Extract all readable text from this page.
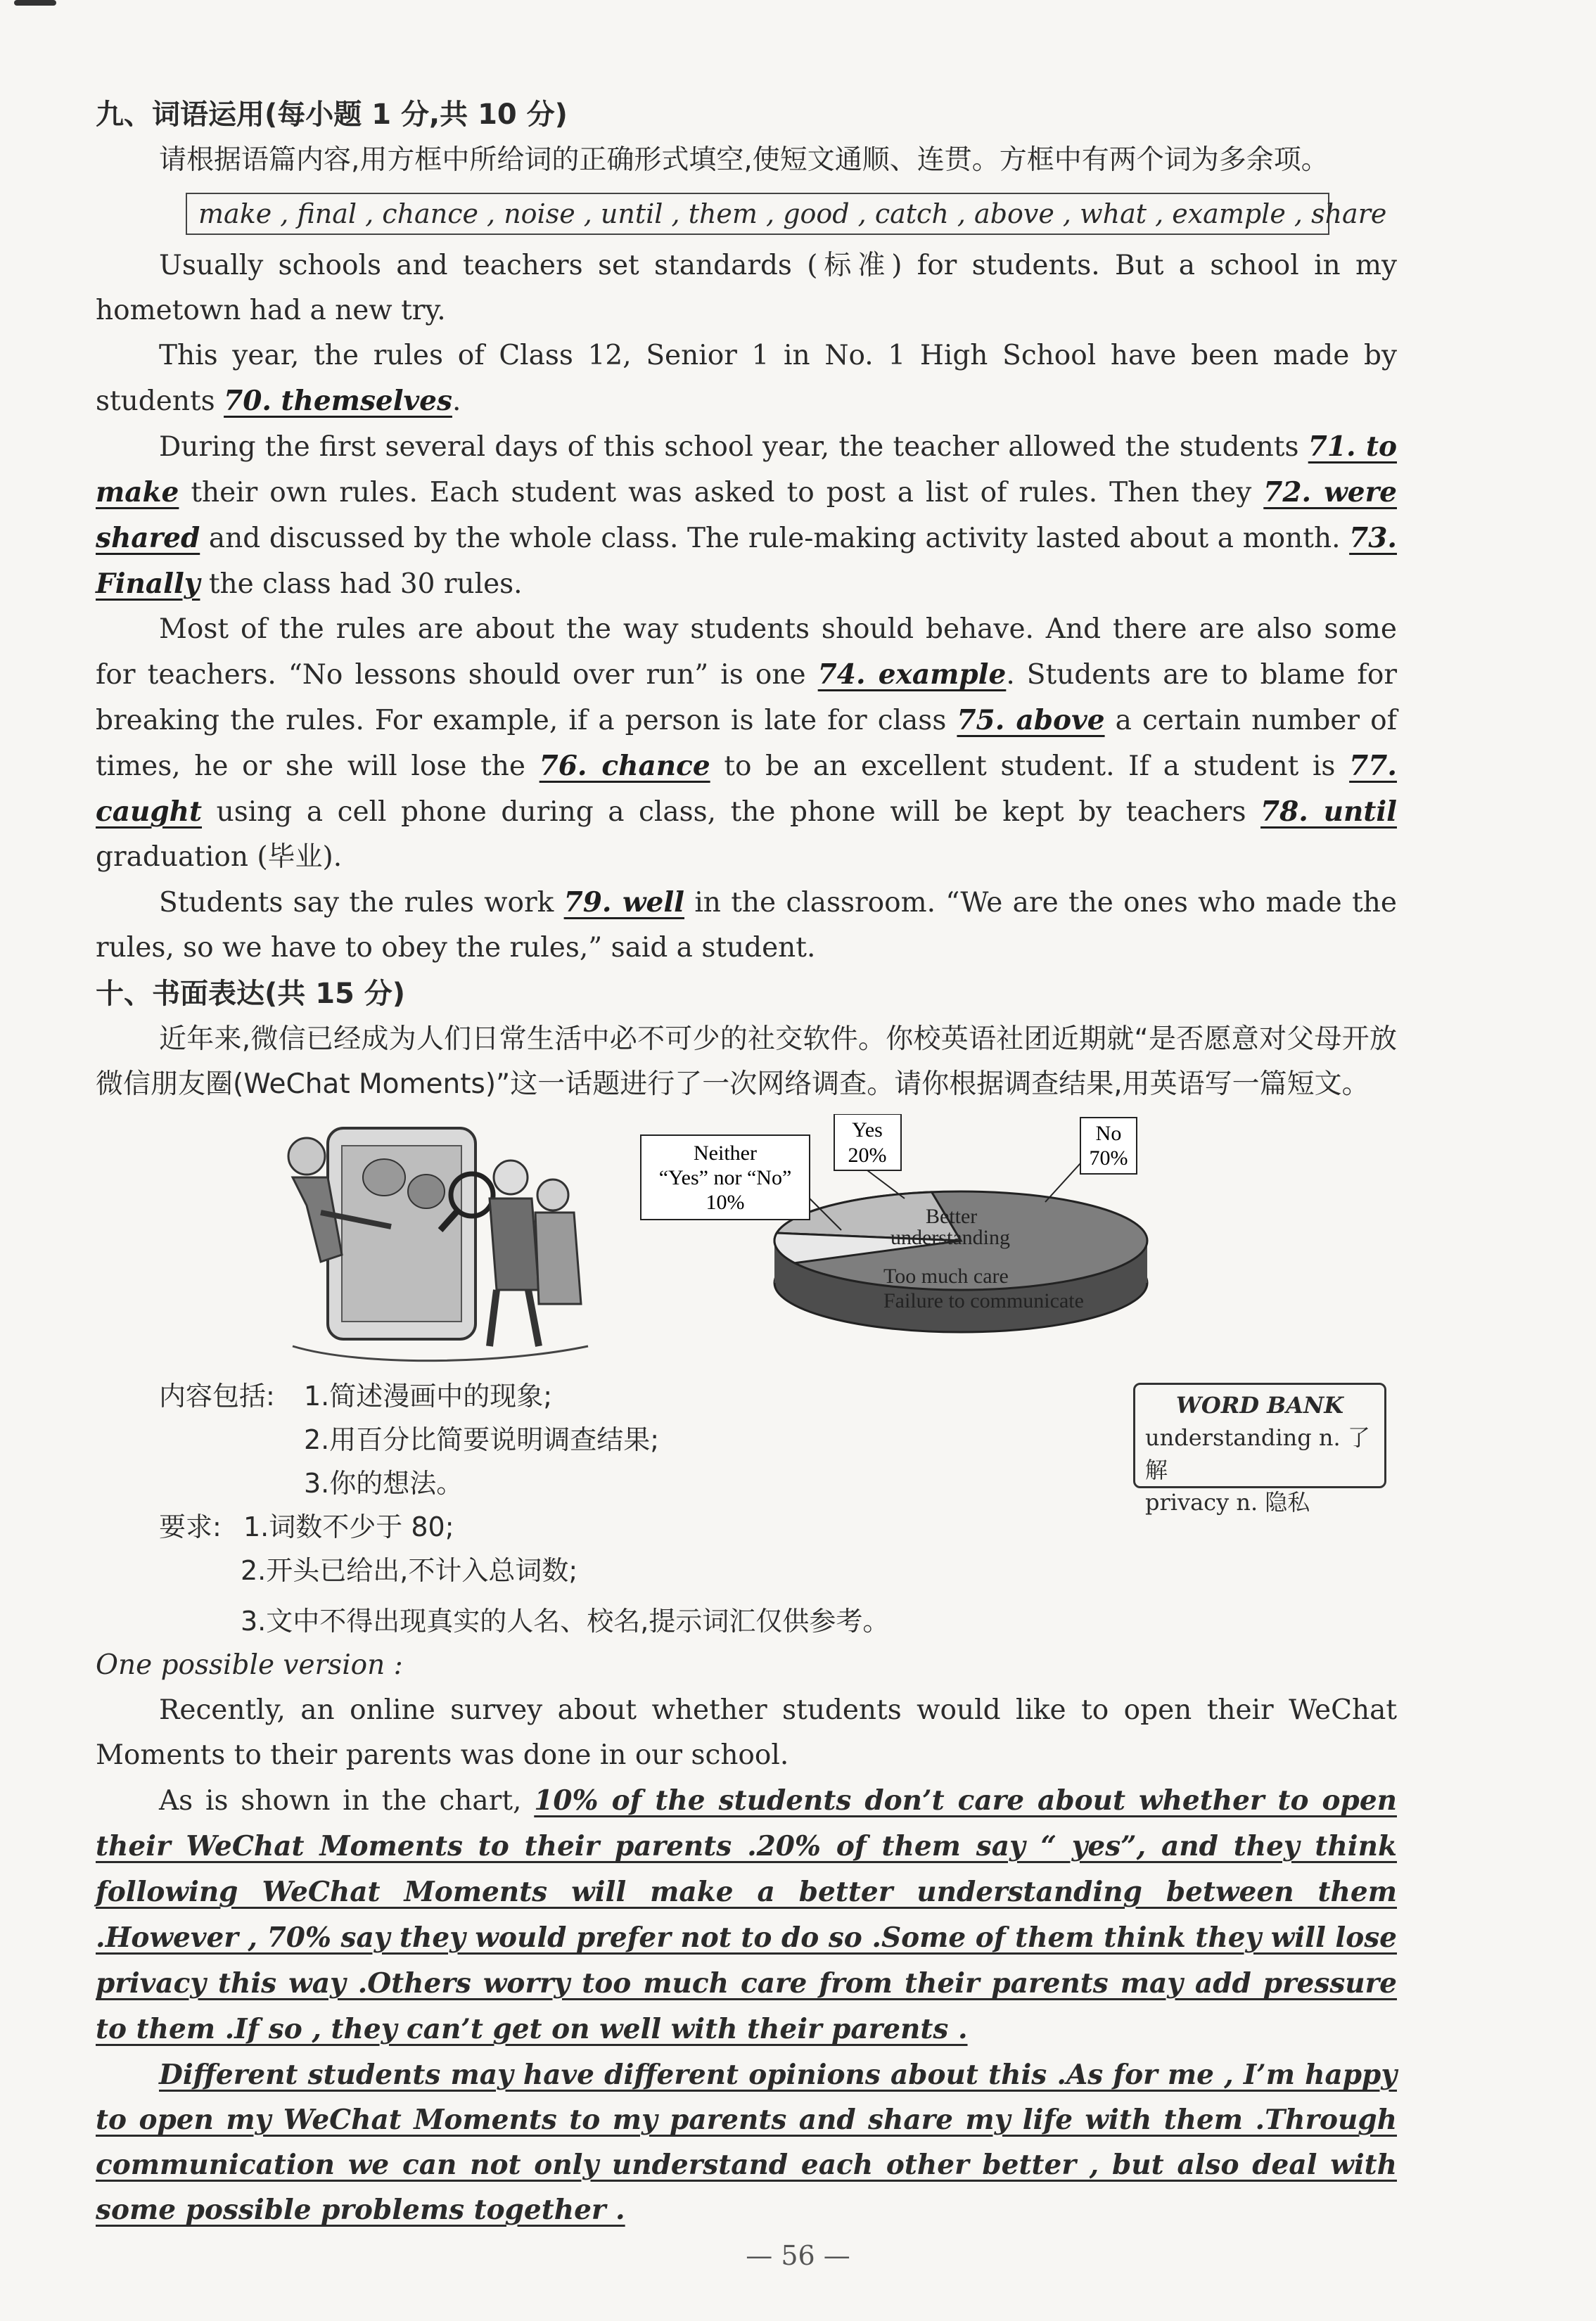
九、词语运用(每小题 1 分,共 10 分)

请根据语篇内容,用方框中所给词的正确形式填空,使短文通顺、连贯。方框中有两个词为多余项。

make , final , chance , noise , until , them , good , catch , above , what , example , share

Usually schools and teachers set standards (标准) for students. But a school in my hometown had a new try.

This year, the rules of Class 12, Senior 1 in No. 1 High School have been made by students 70. themselves.

During the first several days of this school year, the teacher allowed the students 71. to make their own rules. Each student was asked to post a list of rules. Then they 72. were shared and discussed by the whole class. The rule-making activity lasted about a month. 73. Finally the class had 30 rules.

Most of the rules are about the way students should behave. And there are also some for teachers. “No lessons should over run” is one 74. example. Students are to blame for breaking the rules. For example, if a person is late for class 75. above a certain number of times, he or she will lose the 76. chance to be an excellent student. If a student is 77. caught using a cell phone during a class, the phone will be kept by teachers 78. until graduation (毕业).

Students say the rules work 79. well in the classroom. “We are the ones who made the rules, so we have to obey the rules,” said a student.

十、书面表达(共 15 分)

近年来,微信已经成为人们日常生活中必不可少的社交软件。你校英语社团近期就“是否愿意对父母开放微信朋友圈(WeChat Moments)”这一话题进行了一次网络调查。请你根据调查结果,用英语写一篇短文。

Better
understanding
Too much care
Failure to communicate
Neither
“Yes” nor “No”
10%
Yes
20%
No
70%
内容包括: 1.简述漫画中的现象;
2.用百分比简要说明调查结果;
3.你的想法。
要求: 1.词数不少于 80;
2.开头已给出,不计入总词数;
WORD BANK
understanding n. 了解
privacy n. 隐私
3.文中不得出现真实的人名、校名,提示词汇仅供参考。

One possible version :

Recently, an online survey about whether students would like to open their WeChat Moments to their parents was done in our school.

As is shown in the chart, 10% of the students don’t care about whether to open their WeChat Moments to their parents .20% of them say “ yes”, and they think following WeChat Moments will make a better understanding between them .However , 70% say they would prefer not to do so .Some of them think they will lose privacy this way .Others worry too much care from their parents may add pressure to them .If so , they can’t get on well with their parents .

Different students may have different opinions about this .As for me , I’m happy to open my WeChat Moments to my parents and share my life with them .Through communication we can not only understand each other better , but also deal with some possible problems together .

— 56 —
